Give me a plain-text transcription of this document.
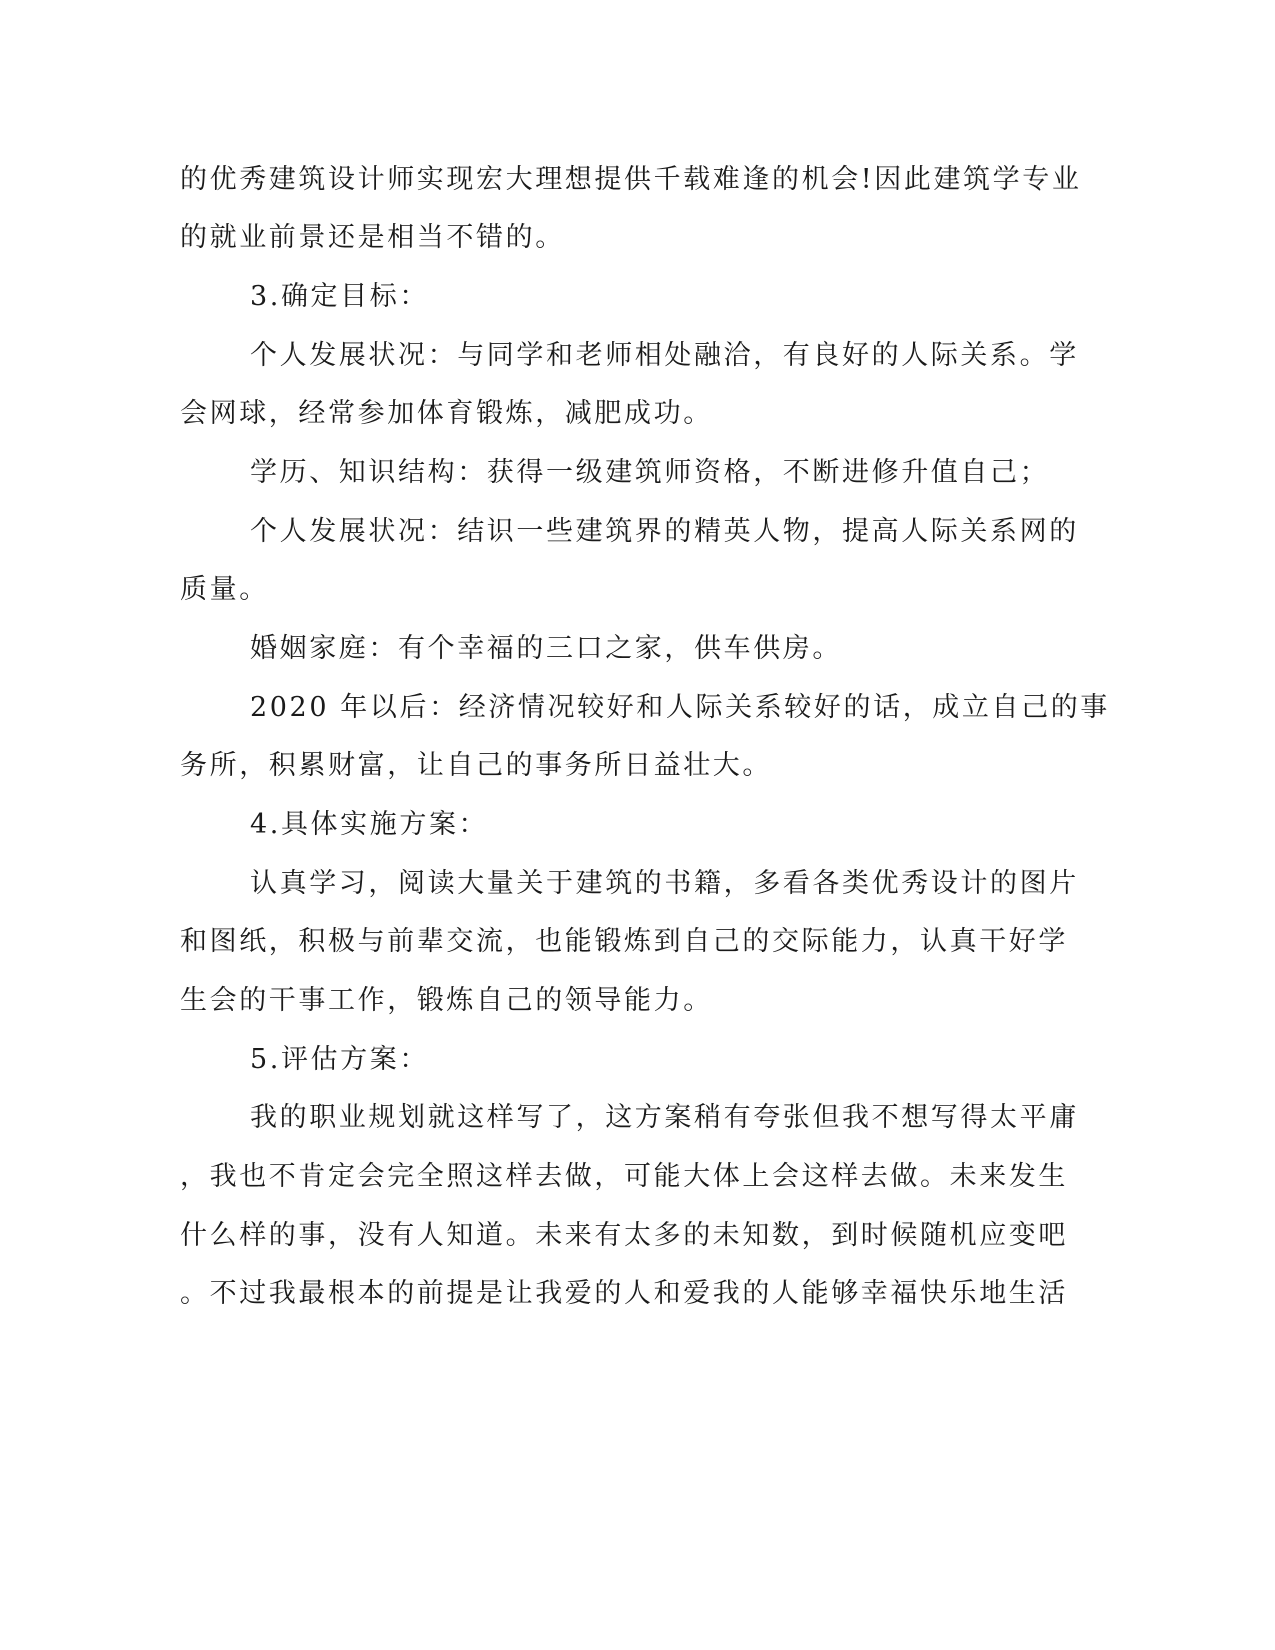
的优秀建筑设计师实现宏大理想提供千载难逢的机会!因此建筑学专业
的就业前景还是相当不错的。
3.确定目标：
个人发展状况：与同学和老师相处融洽，有良好的人际关系。学
会网球，经常参加体育锻炼，减肥成功。
学历、知识结构：获得一级建筑师资格，不断进修升值自己；
个人发展状况：结识一些建筑界的精英人物，提高人际关系网的
质量。
婚姻家庭：有个幸福的三口之家，供车供房。
2020 年以后：经济情况较好和人际关系较好的话，成立自己的事
务所，积累财富，让自己的事务所日益壮大。
4.具体实施方案：
认真学习，阅读大量关于建筑的书籍，多看各类优秀设计的图片
和图纸，积极与前辈交流，也能锻炼到自己的交际能力，认真干好学
生会的干事工作，锻炼自己的领导能力。
5.评估方案：
我的职业规划就这样写了，这方案稍有夸张但我不想写得太平庸
，我也不肯定会完全照这样去做，可能大体上会这样去做。未来发生
什么样的事，没有人知道。未来有太多的未知数，到时候随机应变吧
。不过我最根本的前提是让我爱的人和爱我的人能够幸福快乐地生活
